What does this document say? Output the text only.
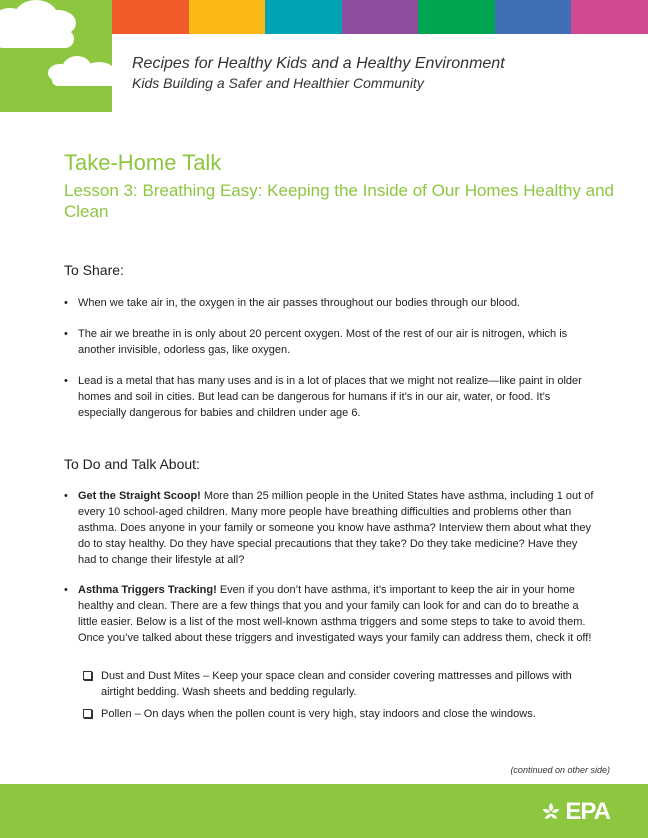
Recipes for Healthy Kids and a Healthy Environment
Kids Building a Safer and Healthier Community
Take-Home Talk
Lesson 3: Breathing Easy: Keeping the Inside of Our Homes Healthy and Clean
To Share:
• When we take air in, the oxygen in the air passes throughout our bodies through our blood.
• The air we breathe in is only about 20 percent oxygen. Most of the rest of our air is nitrogen, which is another invisible, odorless gas, like oxygen.
• Lead is a metal that has many uses and is in a lot of places that we might not realize—like paint in older homes and soil in cities. But lead can be dangerous for humans if it’s in our air, water, or food. It’s especially dangerous for babies and children under age 6.
To Do and Talk About:
• Get the Straight Scoop! More than 25 million people in the United States have asthma, including 1 out of every 10 school-aged children. Many more people have breathing difficulties and problems other than asthma. Does anyone in your family or someone you know have asthma? Interview them about what they do to stay healthy. Do they have special precautions that they take? Do they take medicine? Have they had to change their lifestyle at all?
• Asthma Triggers Tracking! Even if you don’t have asthma, it’s important to keep the air in your home healthy and clean. There are a few things that you and your family can look for and can do to breathe a little easier. Below is a list of the most well-known asthma triggers and some steps to take to avoid them. Once you’ve talked about these triggers and investigated ways your family can address them, check it off!
Dust and Dust Mites – Keep your space clean and consider covering mattresses and pillows with airtight bedding. Wash sheets and bedding regularly.
Pollen – On days when the pollen count is very high, stay indoors and close the windows.
(continued on other side)
EPA
